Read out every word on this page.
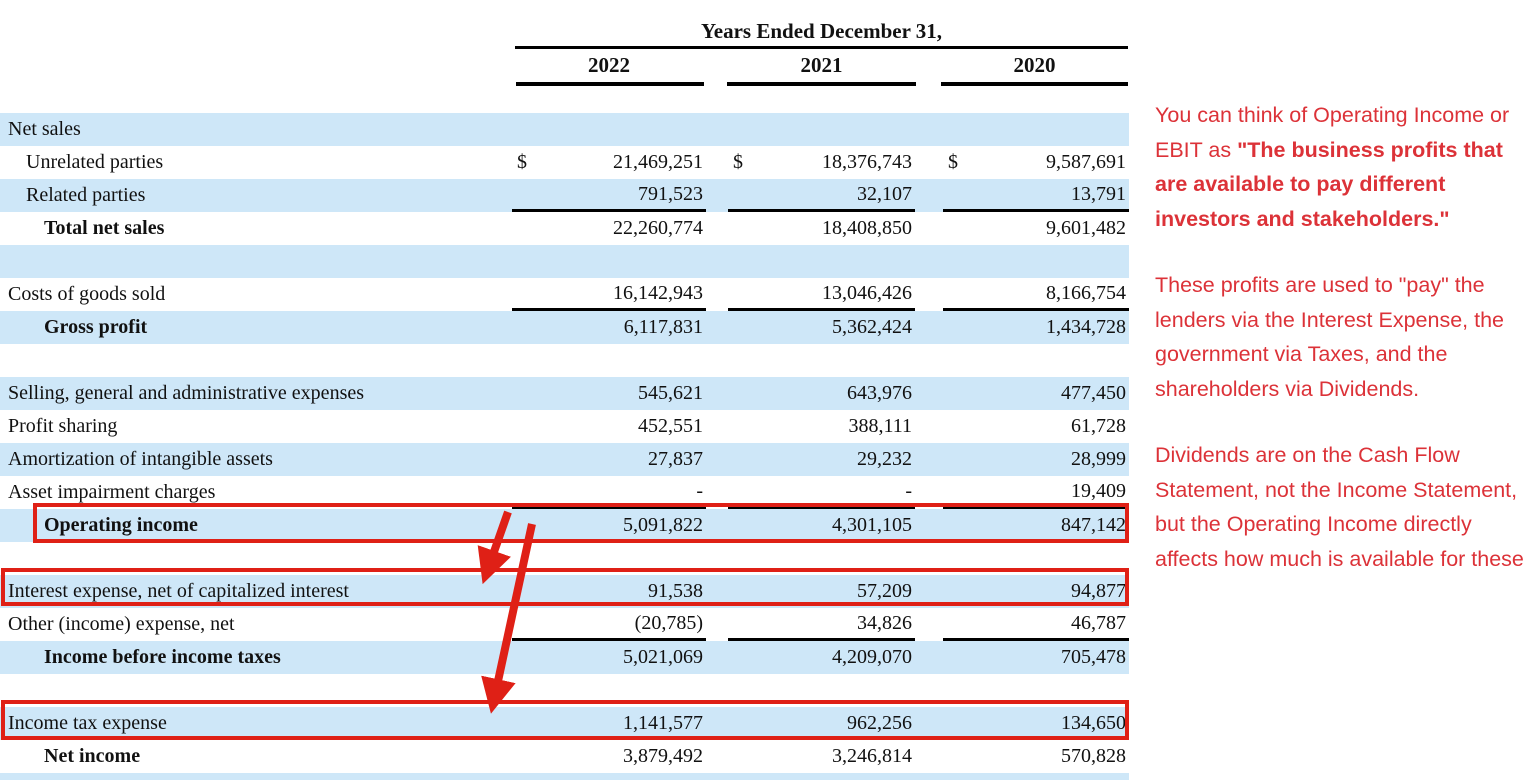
Years Ended December 31,
2022	2021	2020
Net sales
Unrelated parties	$	21,469,251 $	18,376,743 $	9,587,691
Related parties	791,523	32,107	13,791
Total net sales	22,260,774	18,408,850	9,601,482
Costs of goods sold	16,142,943	13,046,426	8,166,754
Gross profit	6,117,831	5,362,424	1,434,728
Selling, general and administrative expenses	545,621	643,976	477,450
Profit sharing	452,551	388,111	61,728
Amortization of intangible assets	27,837	29,232	28,999
Asset impairment charges	-	-	19,409
Operating income	5,091,822	4,301,105	847,142
Interest expense, net of capitalized interest	91,538	57,209	94,877
Other (income) expense, net	(20,785)	34,826	46,787
Income before income taxes	5,021,069	4,209,070	705,478
Income tax expense	1,141,577	962,256	134,650
Net income	3,879,492	3,246,814	570,828

You can think of Operating Income or EBIT as "The business profits that are available to pay different investors and stakeholders."

These profits are used to "pay" the lenders via the Interest Expense, the government via Taxes, and the shareholders via Dividends.

Dividends are on the Cash Flow Statement, not the Income Statement, but the Operating Income directly affects how much is available for these
